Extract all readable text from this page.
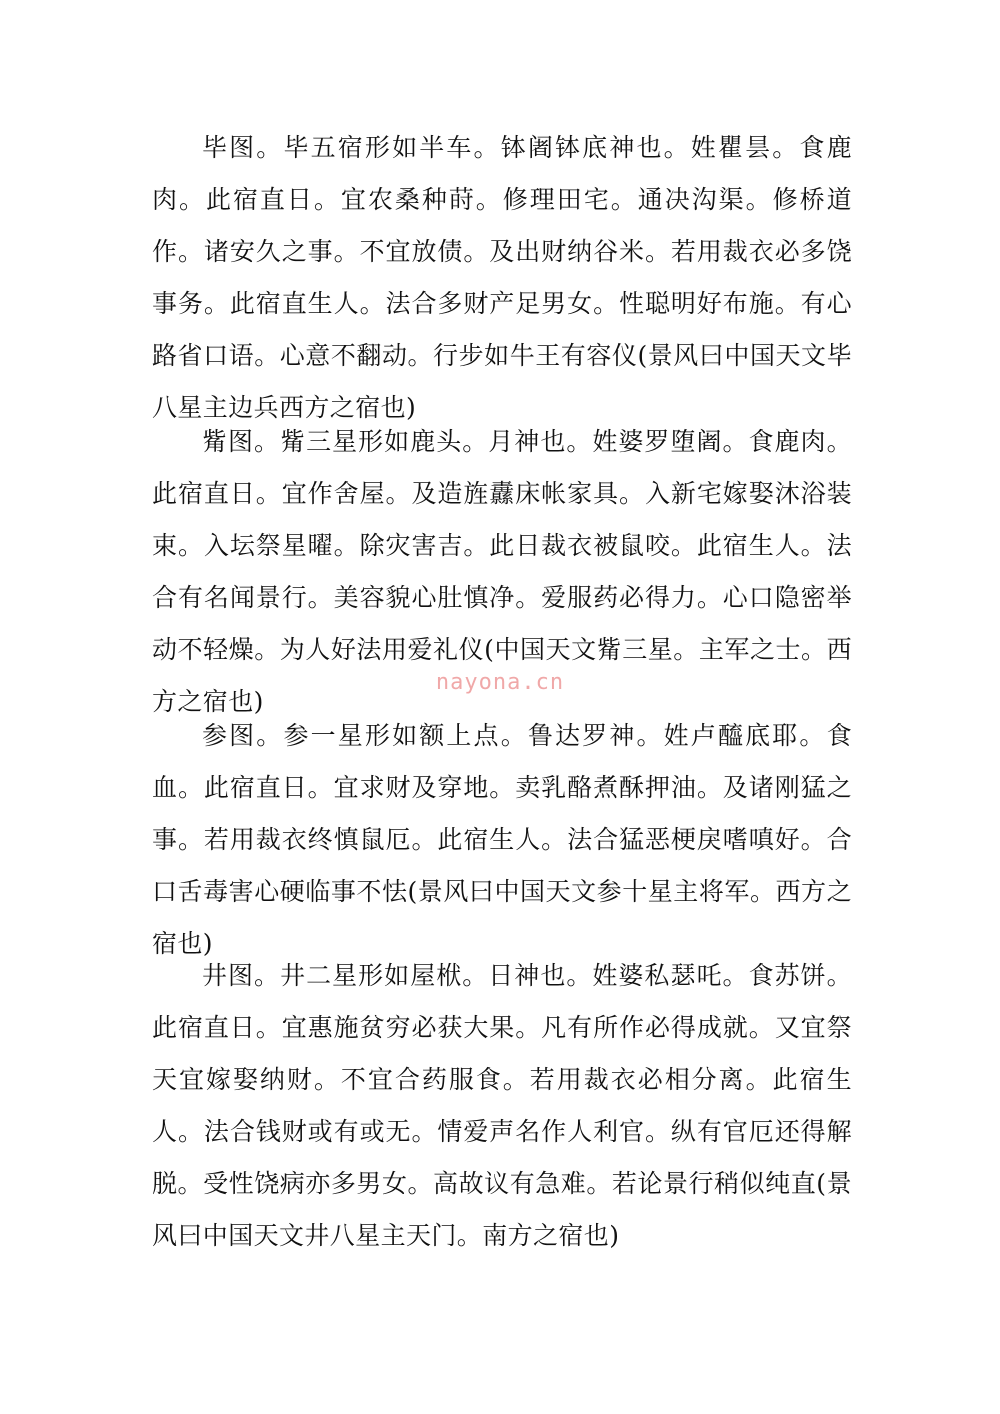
毕图。毕五宿形如半车。钵阇钵底神也。姓瞿昙。食鹿肉。此宿直日。宜农桑种莳。修理田宅。通决沟渠。修桥道作。诸安久之事。不宜放债。及出财纳谷米。若用裁衣必多饶事务。此宿直生人。法合多财产足男女。性聪明好布施。有心路省口语。心意不翻动。行步如牛王有容仪(景风曰中国天文毕八星主边兵西方之宿也)

觜图。觜三星形如鹿头。月神也。姓婆罗堕阇。食鹿肉。此宿直日。宜作舍屋。及造旌纛床帐家具。入新宅嫁娶沐浴装束。入坛祭星曜。除灾害吉。此日裁衣被鼠咬。此宿生人。法合有名闻景行。美容貌心肚慎净。爱服药必得力。心口隐密举动不轻燥。为人好法用爱礼仪(中国天文觜三星。主军之士。西方之宿也)

nayona.cn

参图。参一星形如额上点。鲁达罗神。姓卢醯底耶。食血。此宿直日。宜求财及穿地。卖乳酪煮酥押油。及诸刚猛之事。若用裁衣终慎鼠厄。此宿生人。法合猛恶梗戾嗜嗔好。合口舌毒害心硬临事不怯(景风曰中国天文参十星主将军。西方之宿也)

井图。井二星形如屋栿。日神也。姓婆私瑟吒。食苏饼。此宿直日。宜惠施贫穷必获大果。凡有所作必得成就。又宜祭天宜嫁娶纳财。不宜合药服食。若用裁衣必相分离。此宿生人。法合钱财或有或无。情爱声名作人利官。纵有官厄还得解脱。受性饶病亦多男女。高故议有急难。若论景行稍似纯直(景风曰中国天文井八星主天门。南方之宿也)
